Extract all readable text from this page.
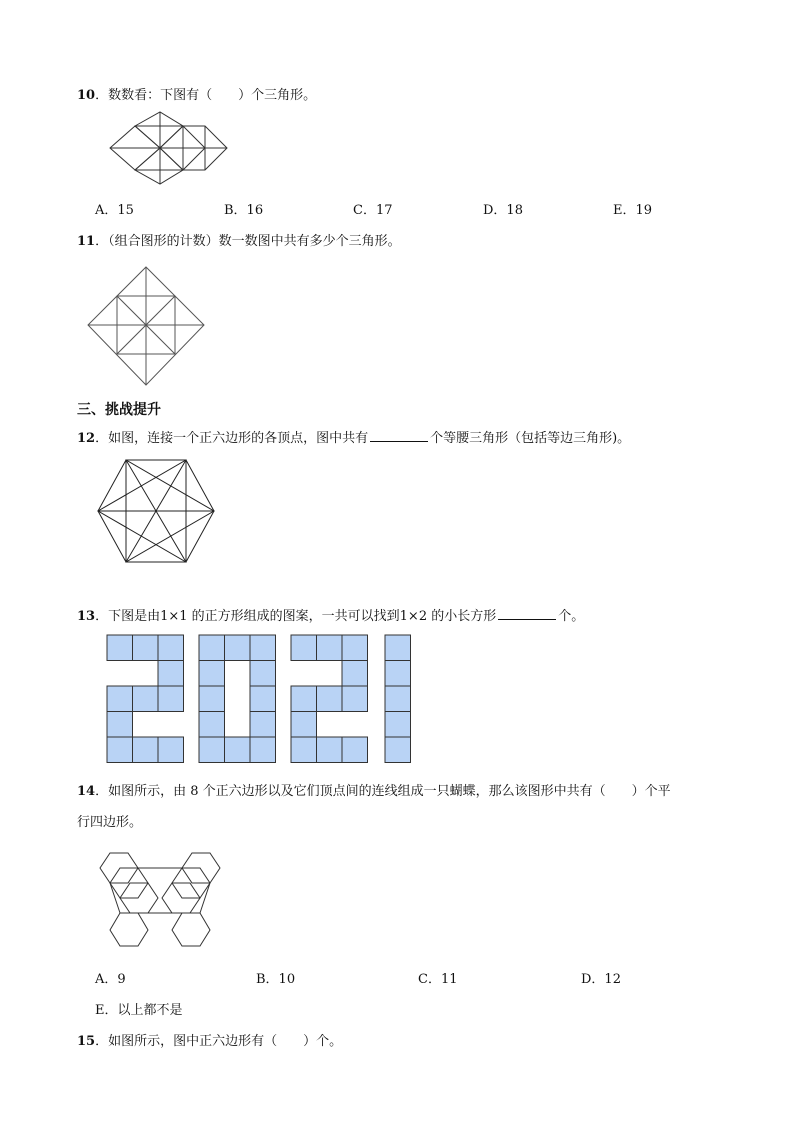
10．数数看：下图有（　　）个三角形。
A．15	B．16	C．17	D．18	E．19
11．（组合图形的计数）数一数图中共有多少个三角形。
三、挑战提升
12．如图，连接一个正六边形的各顶点，图中共有	个等腰三角形（包括等边三角形)。
13．下图是由1×1 的正方形组成的图案，一共可以找到1×2 的小长方形	个。
14．如图所示，由 8 个正六边形以及它们顶点间的连线组成一只蝴蝶，那么该图形中共有（　　）个平
行四边形。
A．9	B．10	C．11	D．12
E．以上都不是
15．如图所示，图中正六边形有（　　）个。
